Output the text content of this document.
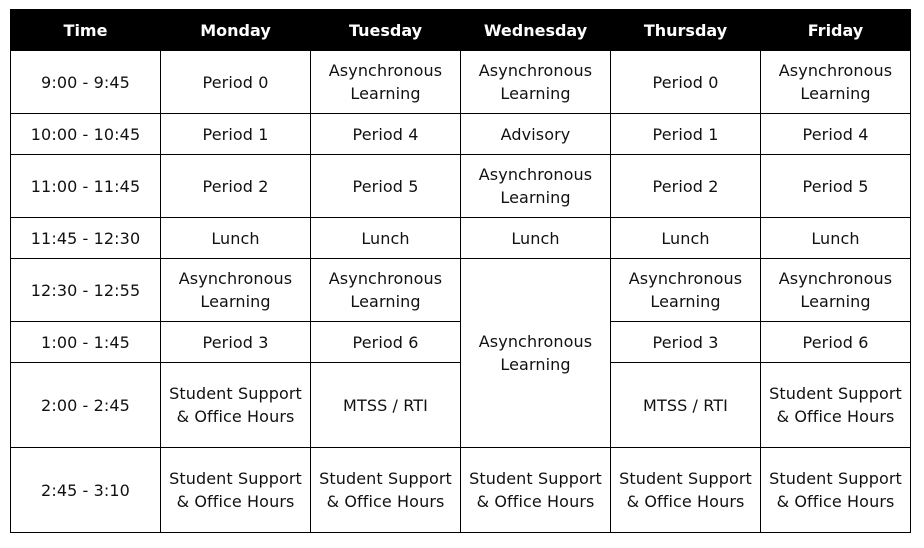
Time	Monday	Tuesday	Wednesday	Thursday	Friday
9:00 - 9:45	Period 0	Asynchronous Learning	Asynchronous Learning	Period 0	Asynchronous Learning

10:00 - 10:45	Period 1	Period 4	Advisory	Period 1	Period 4
11:00 - 11:45	Period 2	Period 5	Asynchronous Learning	Period 2	Period 5
11:45 - 12:30	Lunch	Lunch	Lunch	Lunch	Lunch
12:30 - 12:55	Asynchronous Learning	Asynchronous Learning	Asynchronous Learning	Asynchronous Learning	Asynchronous Learning

1:00 - 1:45	Period 3	Period 6		Period 3	Period 6
2:00 - 2:45	Student Support & Office Hours	MTSS / RTI		MTSS / RTI	Student Support & Office Hours

2:45 - 3:10	Student Support & Office Hours	Student Support & Office Hours	Student Support & Office Hours	Student Support & Office Hours	Student Support & Office Hours
